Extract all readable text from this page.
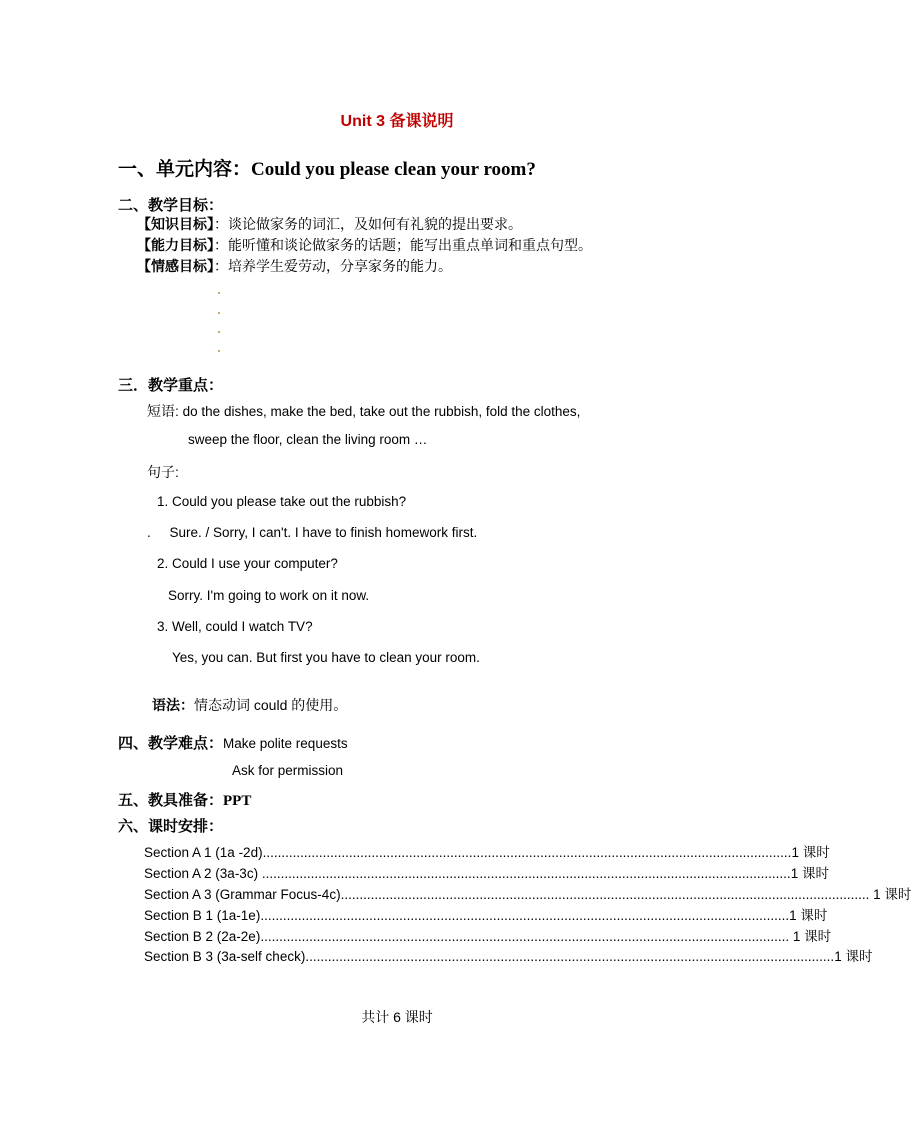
Unit 3 备课说明
一、单元内容：Could you please clean your room?
二、教学目标：
【知识目标】：谈论做家务的词汇，及如何有礼貌的提出要求。
【能力目标】：能听懂和谈论做家务的话题；能写出重点单词和重点句型。
【情感目标】：培养学生爱劳动，分享家务的能力。
三．教学重点：
短语: do the dishes, make the bed, take out the rubbish, fold the clothes,
sweep the floor, clean the living room …
句子:
1. Could you please take out the rubbish?
.     Sure. / Sorry, I can't. I have to finish homework first.
2. Could I use your computer?
Sorry. I'm going to work on it now.
3. Well, could I watch TV?
Yes, you can. But first you have to clean your room.
语法：情态动词 could 的使用。
四、教学难点：Make polite requests
Ask for permission
五、教具准备：PPT
六、课时安排：
Section A 1 (1a -2d) ............................................................................................................................................. 1 课时
Section A 2 (3a-3c) ............................................................................................................................................. 1 课时
Section A 3 (Grammar Focus-4c) ............................................................................................................................................. 1 课时
Section B 1 (1a-1e) ............................................................................................................................................. 1 课时
Section B 2 (2a-2e) ............................................................................................................................................. 1 课时
Section B 3 (3a-self check) ............................................................................................................................................. 1 课时
共计 6 课时
